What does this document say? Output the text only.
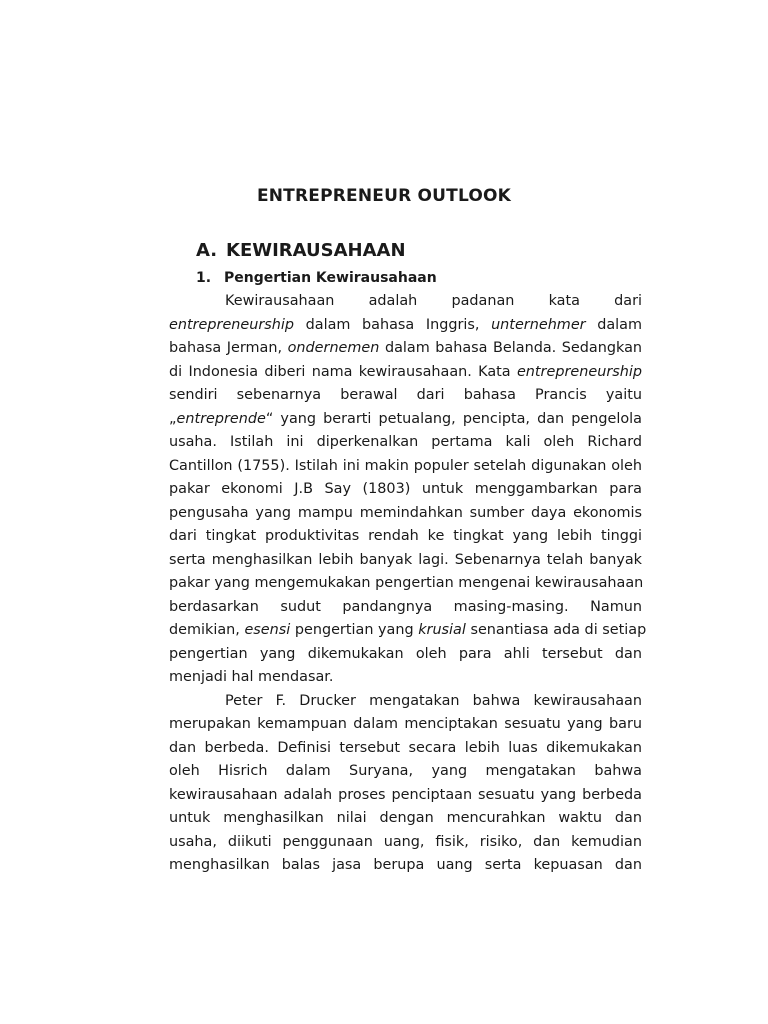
ENTREPRENEUR OUTLOOK
A. KEWIRAUSAHAAN
1. Pengertian Kewirausahaan
Kewirausahaan adalah padanan kata dari
entrepreneurship dalam bahasa Inggris, unternehmer dalam
bahasa Jerman, ondernemen dalam bahasa Belanda. Sedangkan
di Indonesia diberi nama kewirausahaan. Kata entrepreneurship
sendiri sebenarnya berawal dari bahasa Prancis yaitu
„entreprende“ yang berarti petualang, pencipta, dan pengelola
usaha. Istilah ini diperkenalkan pertama kali oleh Richard
Cantillon (1755). Istilah ini makin populer setelah digunakan oleh
pakar ekonomi J.B Say (1803) untuk menggambarkan para
pengusaha yang mampu memindahkan sumber daya ekonomis
dari tingkat produktivitas rendah ke tingkat yang lebih tinggi
serta menghasilkan lebih banyak lagi. Sebenarnya telah banyak
pakar yang mengemukakan pengertian mengenai kewirausahaan
berdasarkan sudut pandangnya masing-masing. Namun
demikian, esensi pengertian yang krusial senantiasa ada di setiap
pengertian yang dikemukakan oleh para ahli tersebut dan
menjadi hal mendasar.
Peter F. Drucker mengatakan bahwa kewirausahaan
merupakan kemampuan dalam menciptakan sesuatu yang baru
dan berbeda. Definisi tersebut secara lebih luas dikemukakan
oleh Hisrich dalam Suryana, yang mengatakan bahwa
kewirausahaan adalah proses penciptaan sesuatu yang berbeda
untuk menghasilkan nilai dengan mencurahkan waktu dan
usaha, diikuti penggunaan uang, fisik, risiko, dan kemudian
menghasilkan balas jasa berupa uang serta kepuasan dan
